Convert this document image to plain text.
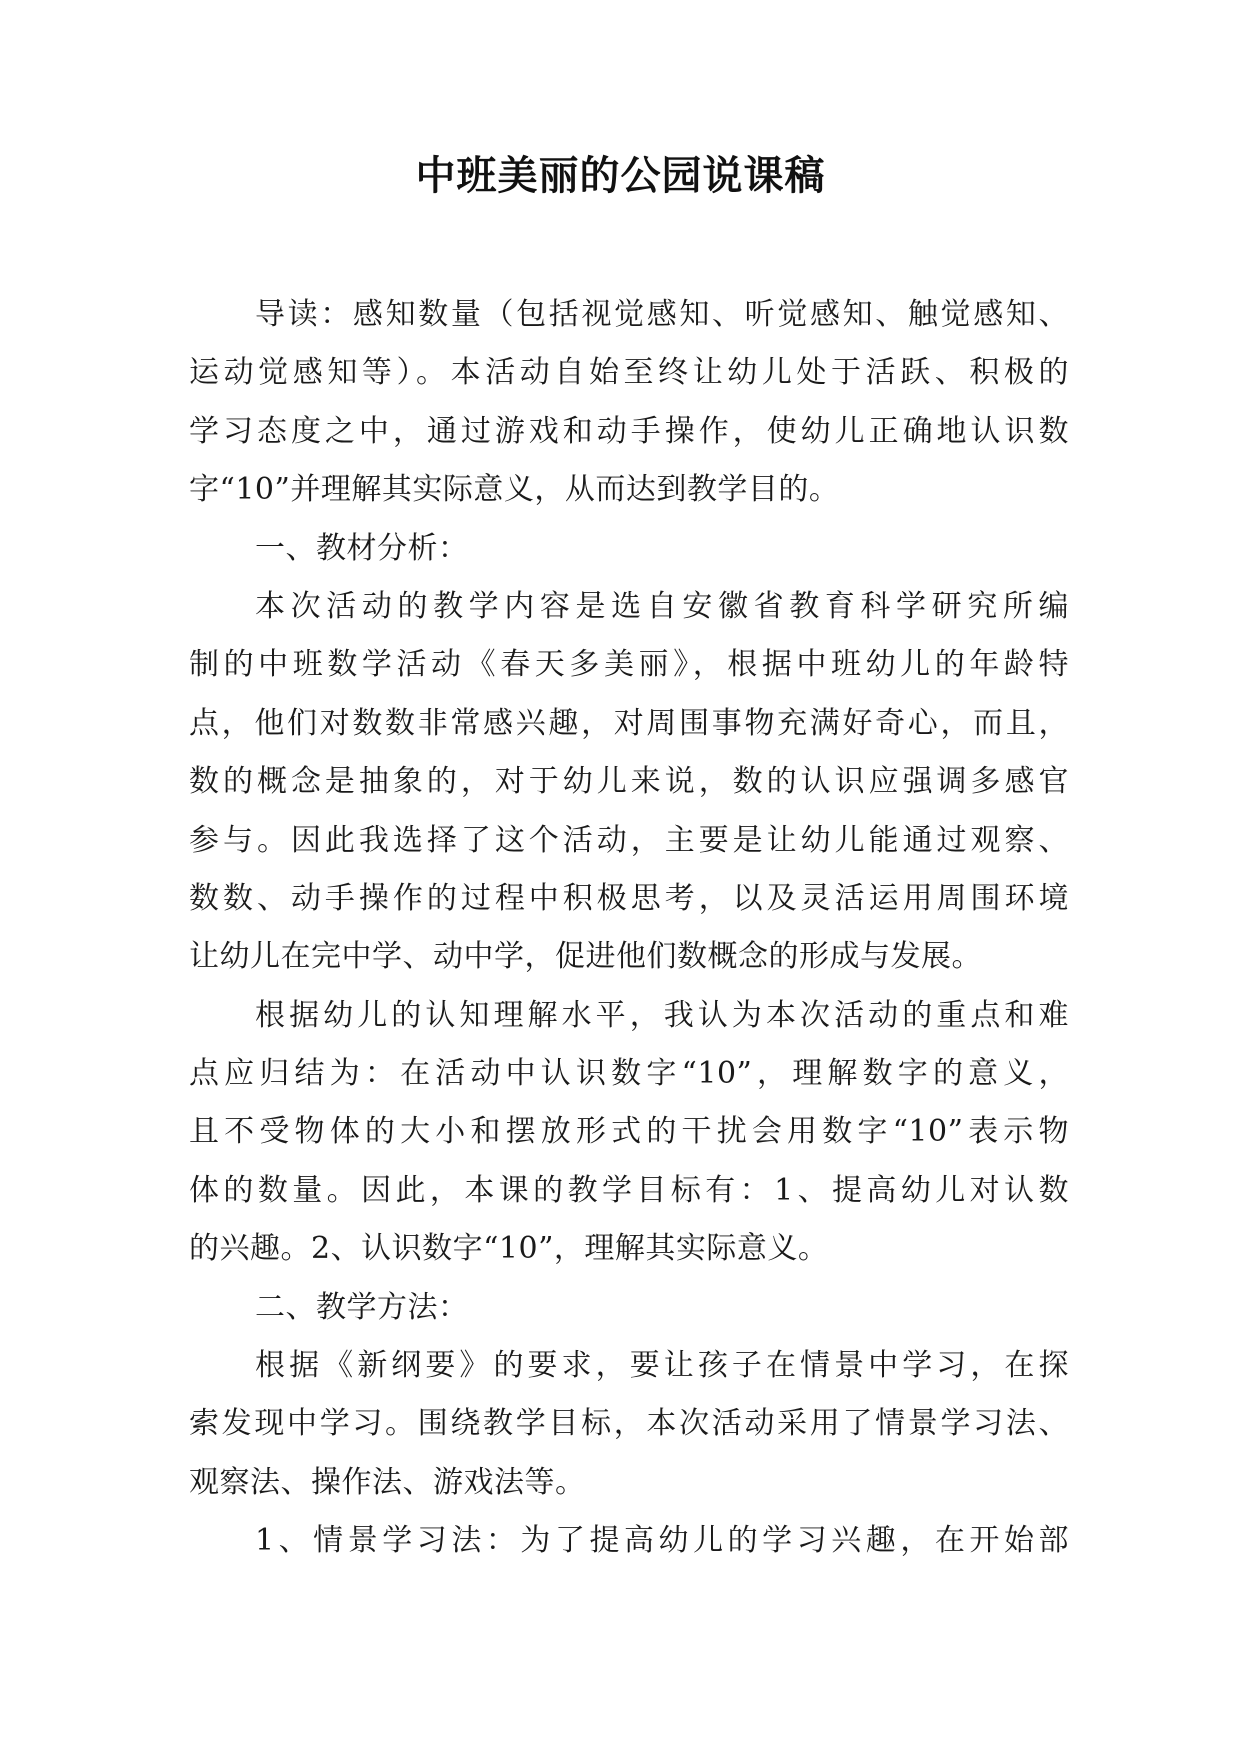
中班美丽的公园说课稿
导读：感知数量（包括视觉感知、听觉感知、触觉感知、
运动觉感知等）。本活动自始至终让幼儿处于活跃、积极的
学习态度之中，通过游戏和动手操作，使幼儿正确地认识数
字“10”并理解其实际意义，从而达到教学目的。
一、教材分析：
本次活动的教学内容是选自安徽省教育科学研究所编
制的中班数学活动《春天多美丽》，根据中班幼儿的年龄特
点，他们对数数非常感兴趣，对周围事物充满好奇心，而且，
数的概念是抽象的，对于幼儿来说，数的认识应强调多感官
参与。因此我选择了这个活动，主要是让幼儿能通过观察、
数数、动手操作的过程中积极思考，以及灵活运用周围环境
让幼儿在完中学、动中学，促进他们数概念的形成与发展。
根据幼儿的认知理解水平，我认为本次活动的重点和难
点应归结为：在活动中认识数字“10”，理解数字的意义，
且不受物体的大小和摆放形式的干扰会用数字“10”表示物
体的数量。因此，本课的教学目标有：1、提高幼儿对认数
的兴趣。2、认识数字“10”，理解其实际意义。
二、教学方法：
根据《新纲要》的要求，要让孩子在情景中学习，在探
索发现中学习。围绕教学目标，本次活动采用了情景学习法、
观察法、操作法、游戏法等。
1、情景学习法：为了提高幼儿的学习兴趣，在开始部
